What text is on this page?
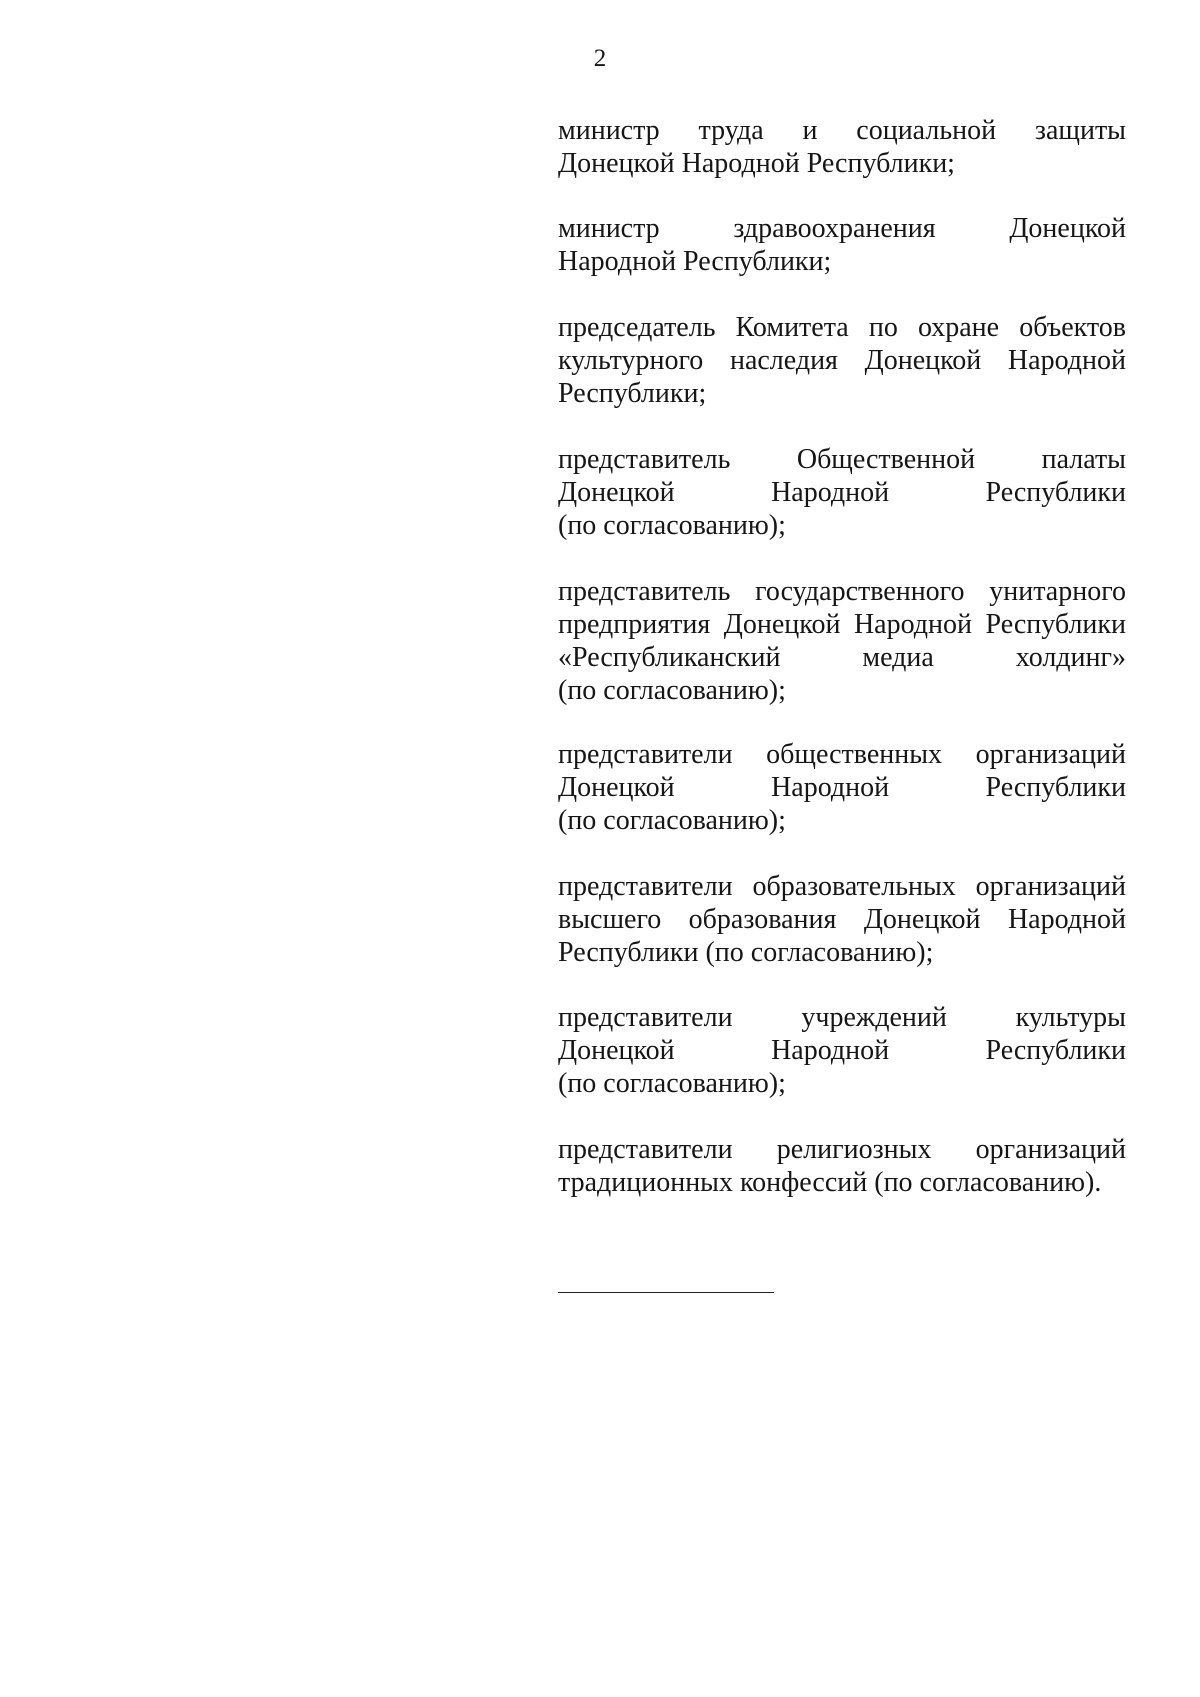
2

министр труда и социальной защиты
Донецкой Народной Республики;

министр здравоохранения Донецкой
Народной Республики;

председатель Комитета по охране объектов
культурного наследия Донецкой Народной
Республики;

представитель Общественной палаты
Донецкой Народной Республики
(по согласованию);

представитель государственного унитарного
предприятия Донецкой Народной Республики
«Республиканский медиа холдинг»
(по согласованию);

представители общественных организаций
Донецкой Народной Республики
(по согласованию);

представители образовательных организаций
высшего образования Донецкой Народной
Республики (по согласованию);

представители учреждений культуры
Донецкой Народной Республики
(по согласованию);

представители религиозных организаций
традиционных конфессий (по согласованию).
